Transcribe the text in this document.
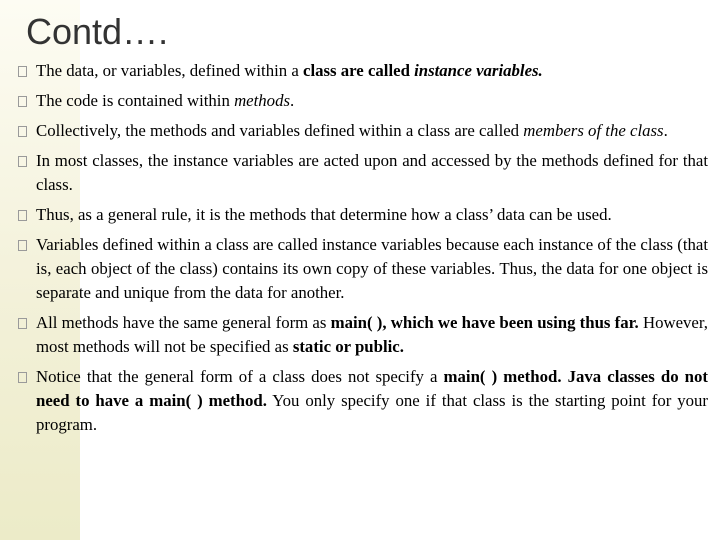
Contd….
The data, or variables, defined within a class are called instance variables.
The code is contained within methods.
Collectively, the methods and variables defined within a class are called members of the class.
In most classes, the instance variables are acted upon and accessed by the methods defined for that class.
Thus, as a general rule, it is the methods that determine how a class’ data can be used.
Variables defined within a class are called instance variables because each instance of the class (that is, each object of the class) contains its own copy of these variables. Thus, the data for one object is separate and unique from the data for another.
All methods have the same general form as main( ), which we have been using thus far. However, most methods will not be specified as static or public.
Notice that the general form of a class does not specify a main( ) method. Java classes do not need to have a main( ) method. You only specify one if that class is the starting point for your program.
